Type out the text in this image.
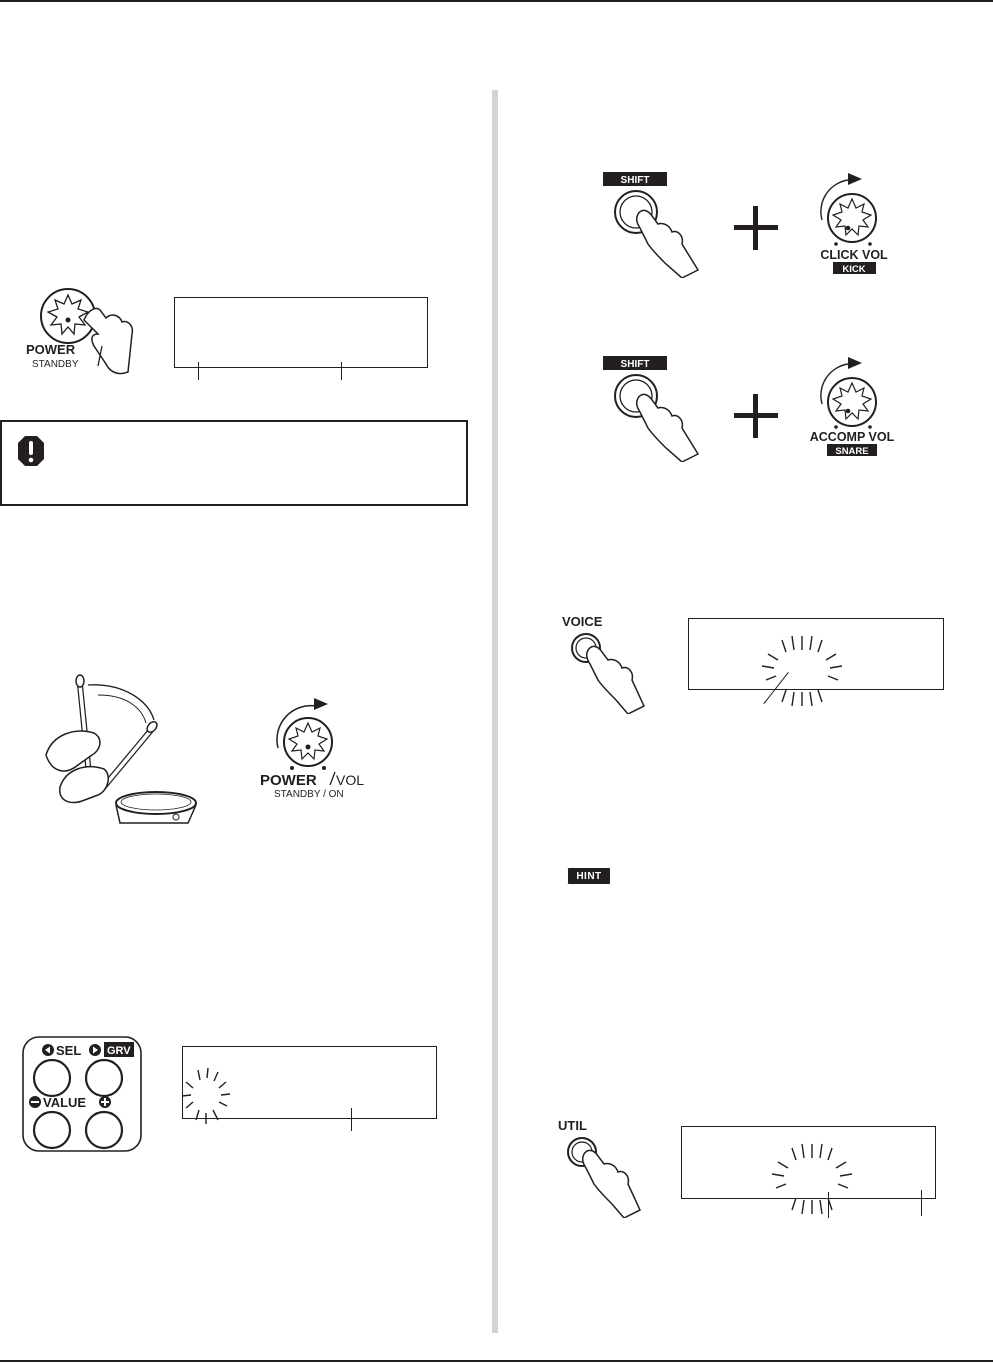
POWER
STANDBY
POWER VOL
STANDBY / ON
SEL GRV
VALUE
SHIFT
CLICK VOL
KICK
SHIFT
ACCOMP VOL
SNARE
VOICE
HINT
UTIL
